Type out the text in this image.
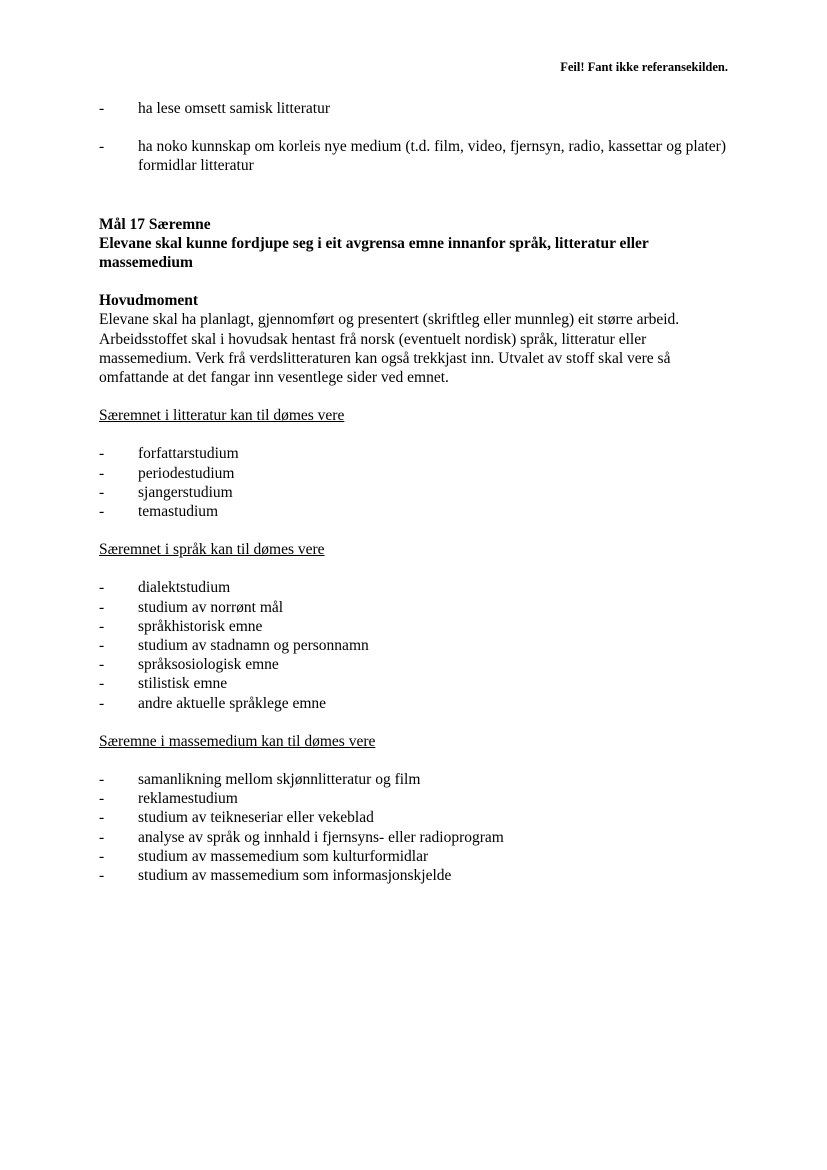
Feil! Fant ikke referansekilden.
- ha lese omsett samisk litteratur
- ha noko kunnskap om korleis nye medium (t.d. film, video, fjernsyn, radio, kassettar og plater) formidlar litteratur
Mål 17 Særemne
Elevane skal kunne fordjupe seg i eit avgrensa emne innanfor språk, litteratur eller massemedium
Hovudmoment

Elevane skal ha planlagt, gjennomført og presentert (skriftleg eller munnleg) eit større arbeid. Arbeidsstoffet skal i hovudsak hentast frå norsk (eventuelt nordisk) språk, litteratur eller massemedium. Verk frå verdslitteraturen kan også trekkjast inn. Utvalet av stoff skal vere så omfattande at det fangar inn vesentlege sider ved emnet.

Særemnet i litteratur kan til dømes vere
- forfattarstudium
- periodestudium
- sjangerstudium
- temastudium
Særemnet i språk kan til dømes vere
- dialektstudium
- studium av norrønt mål
- språkhistorisk emne
- studium av stadnamn og personnamn
- språksosiologisk emne
- stilistisk emne
- andre aktuelle språklege emne
Særemne i massemedium kan til dømes vere
- samanlikning mellom skjønnlitteratur og film
- reklamestudium
- studium av teikneseriar eller vekeblad
- analyse av språk og innhald i fjernsyns- eller radioprogram
- studium av massemedium som kulturformidlar
- studium av massemedium som informasjonskjelde
